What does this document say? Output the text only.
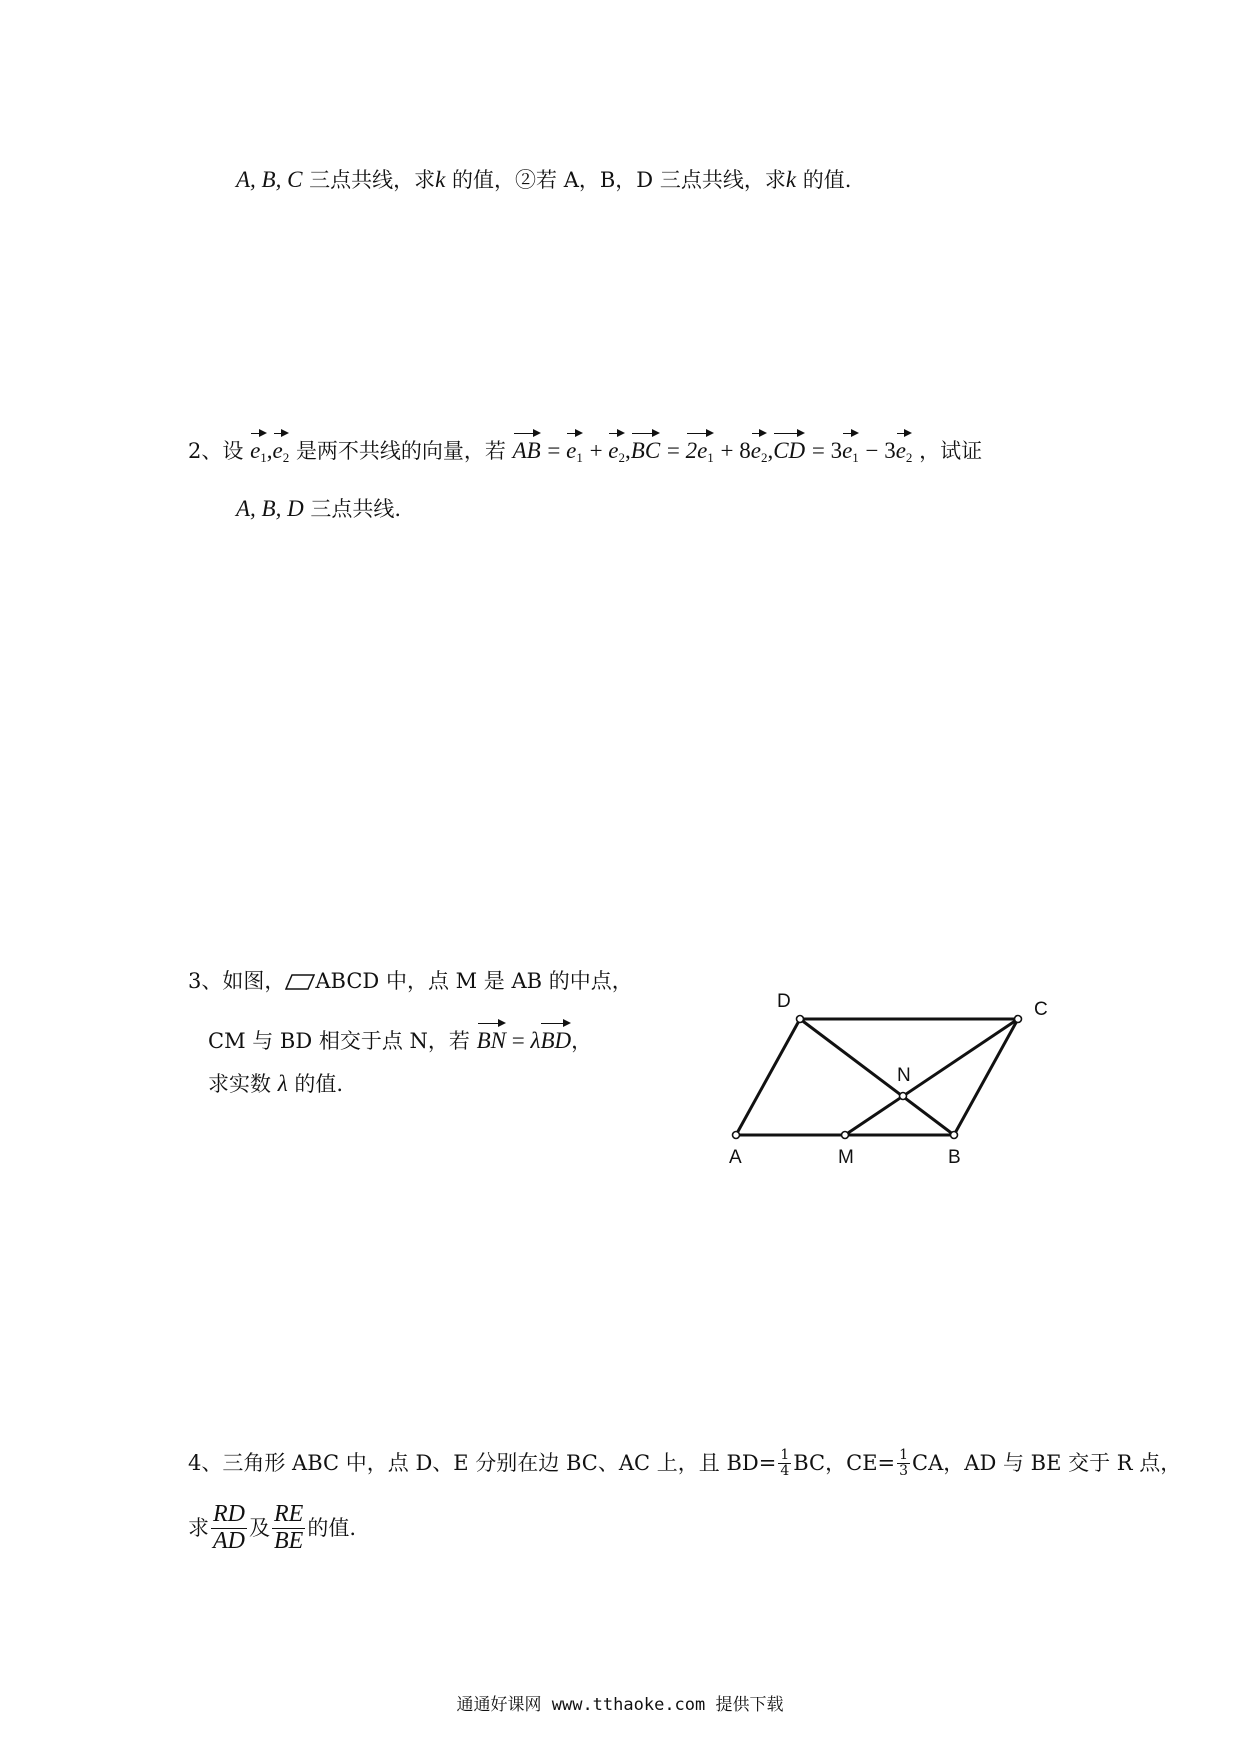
A, B, C 三点共线，求k 的值，②若 A，B，D 三点共线，求k 的值.
2、设 $e_1,e_2$ 是两不共线的向量，若 AB = $e_1 + e_2,BC = 2e_1 + 8e_2,CD = 3e_1 - 3e_2$ ，试证
A, B, D 三点共线.
3、如图， ABCD 中，点 M 是 AB 的中点，
CM 与 BD 相交于点 N，若 BN = λBD，
求实数 λ 的值.
A	B
C
D
M
N
4、 三角形 ABC 中，点 D、E 分别在边 BC、AC 上，且 $BD= \frac{1}{4}$ BC，$CE= \frac{1}{3}$ CA，AD 与 BE 交于 R 点，
求 $\frac{RD}{AD}$ 及 $\frac{RE}{BE}$ 的值.
通通好课网 www.tthaoke.com 提供下载
